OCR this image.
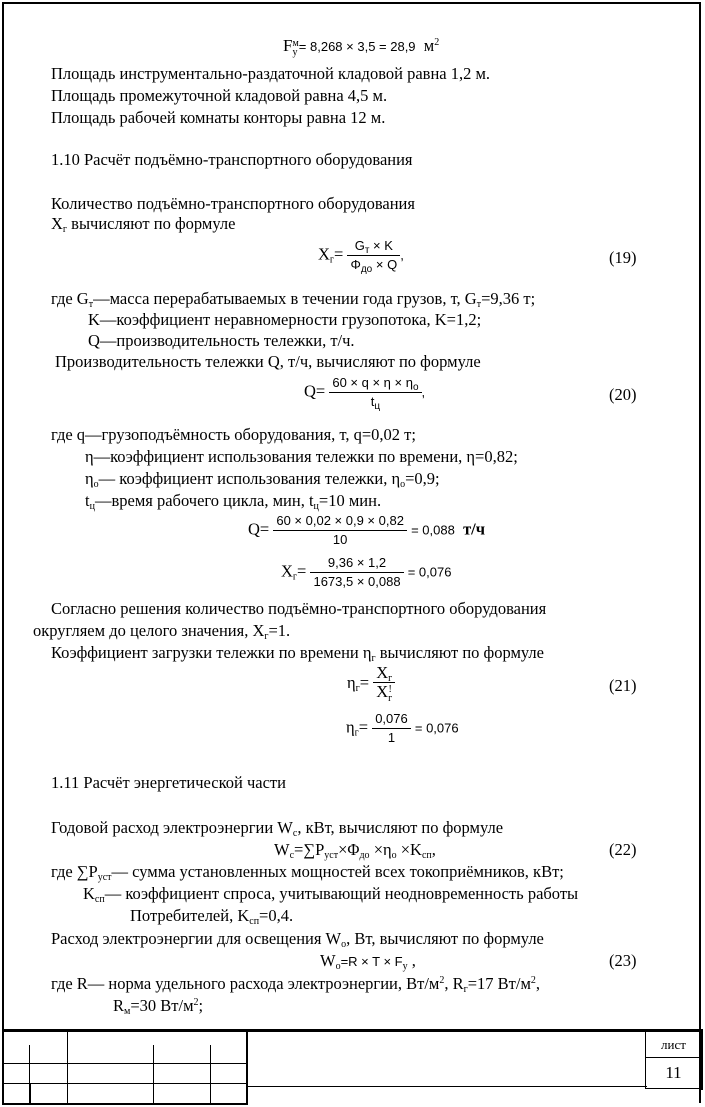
F м
у = 8,268 × 3,5 = 28,9 $м^2$
Площадь инструментально-раздаточной кладовой равна 1,2 м.
Площадь промежуточной кладовой равна 4,5 м.
Площадь рабочей комнаты конторы равна 12 м.
1.10 Расчёт подъёмно-транспортного оборудования
Количество подъёмно-транспортного оборудования
$X_г$ вычисляют по формуле
$X_г= \frac{G_т \times K}{\Phi_{до} \times Q}$ ,	(19)
где $G_т—масса$ перерабатываемых в течении года грузов, т, $G_т=9,36$ т;
K—коэффициент неравномерности грузопотока, K=1,2;
Q—производительность тележки, т/ч.
Производительность тележки Q, т/ч, вычисляют по формуле
$Q= \frac{60 \times q \times \eta \times \eta_о}{t_ц}$ ,	(20)
где q—грузоподъёмность оборудования, т, q=0,02 т;
η—коэффициент использования тележки по времени, η=0,82;
$\eta_о—$ коэффициент использования тележки, $\eta_о=0,9$;
$t_ц—время$ рабочего цикла, мин, $t_ц=10$ мин.
$Q= \frac{60 \times 0,02 \times 0,9 \times 0,82}{10} = 0,088$ т/ч
$X_г= \frac{9,36 \times 1,2}{1673,5 \times 0,088} = 0,076$
Согласно решения количество подъёмно-транспортного оборудования
округляем до целого значения, $X_г=1$.
Коэффициент загрузки тележки по времени $\eta_г$ вычисляют по формуле
$\eta_г= X_г$
X !
г	(21)
$\eta_г= \frac{0,076}{1} = 0,076$
1.11 Расчёт энергетической части
Годовой расход электроэнергии $W_с$, кВт, вычисляют по формуле
$W_с=\sum P_{уст}\times\Phi_{до} \times\eta_о \times K_{сп}$,	(22)
где $\sum P_{уст}—$ сумма установленных мощностей всех токоприёмников, кВт;
$K_{сп}—$ коэффициент спроса, учитывающий неодновременность работы
Потребителей, $K_{сп}=0,4$.
Расход электроэнергии для освещения $W_о$, Вт, вычисляют по формуле
$W_о=R \times T \times F_у$ ,	(23)
где R— норма удельного расхода электроэнергии, $Вт/м^2$, $R_г=17$ $Вт/м^2$,
$R_м=30$ $Вт/м^2$;
лист
11
